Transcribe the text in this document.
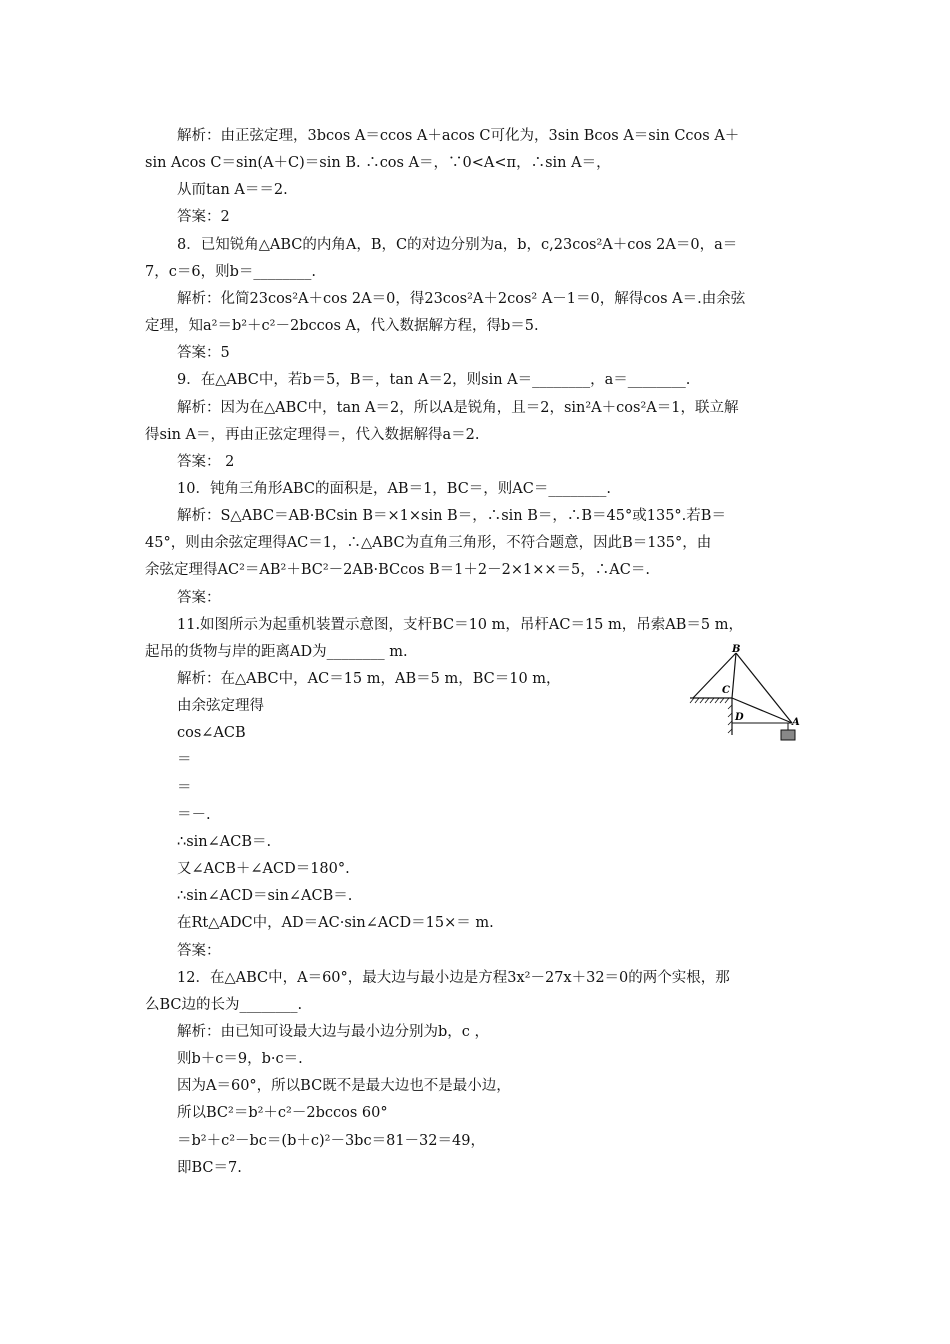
解析：由正弦定理，3bcos A＝ccos A＋acos C可化为，3sin Bcos A＝sin Ccos A＋
sin Acos C＝sin(A＋C)＝sin B. ∴cos A＝，∵0<A<π，∴sin A＝，
从而tan A＝＝2.
答案：2
8．已知锐角△ABC的内角A，B，C的对边分别为a，b，c,23cos²A＋cos 2A＝0，a＝
7，c＝6，则b＝________.
解析：化简23cos²A＋cos 2A＝0，得23cos²A＋2cos² A－1＝0，解得cos A＝.由余弦
定理，知a²＝b²＋c²－2bccos A，代入数据解方程，得b＝5.
答案：5
9．在△ABC中，若b＝5，B＝，tan A＝2，则sin A＝________，a＝________.
解析：因为在△ABC中，tan A＝2，所以A是锐角，且＝2，sin²A＋cos²A＝1，联立解
得sin A＝，再由正弦定理得＝，代入数据解得a＝2.
答案： 2
10．钝角三角形ABC的面积是，AB＝1，BC＝，则AC＝________.
解析：S△ABC＝AB·BCsin B＝×1×sin B＝，∴sin B＝，∴B＝45°或135°.若B＝
45°，则由余弦定理得AC＝1，∴△ABC为直角三角形，不符合题意，因此B＝135°，由
余弦定理得AC²＝AB²＋BC²－2AB·BCcos B＝1＋2－2×1××＝5，∴AC＝.
答案：
11.如图所示为起重机装置示意图，支杆BC＝10 m，吊杆AC＝15 m，吊索AB＝5 m，
起吊的货物与岸的距离AD为________ m.
解析：在△ABC中，AC＝15 m，AB＝5 m，BC＝10 m，
由余弦定理得
cos∠ACB
＝
＝
＝－.
∴sin∠ACB＝.
又∠ACB＋∠ACD＝180°.
∴sin∠ACD＝sin∠ACB＝.
在Rt△ADC中，AD＝AC·sin∠ACD＝15×＝ m.
答案：
12．在△ABC中，A＝60°，最大边与最小边是方程3x²－27x＋32＝0的两个实根，那
么BC边的长为________.
解析：由已知可设最大边与最小边分别为b，c ，
则b＋c＝9，b·c＝.
因为A＝60°，所以BC既不是最大边也不是最小边，
所以BC²＝b²＋c²－2bccos 60°
＝b²＋c²－bc＝(b＋c)²－3bc＝81－32＝49，
即BC＝7.
B
C
D	A
